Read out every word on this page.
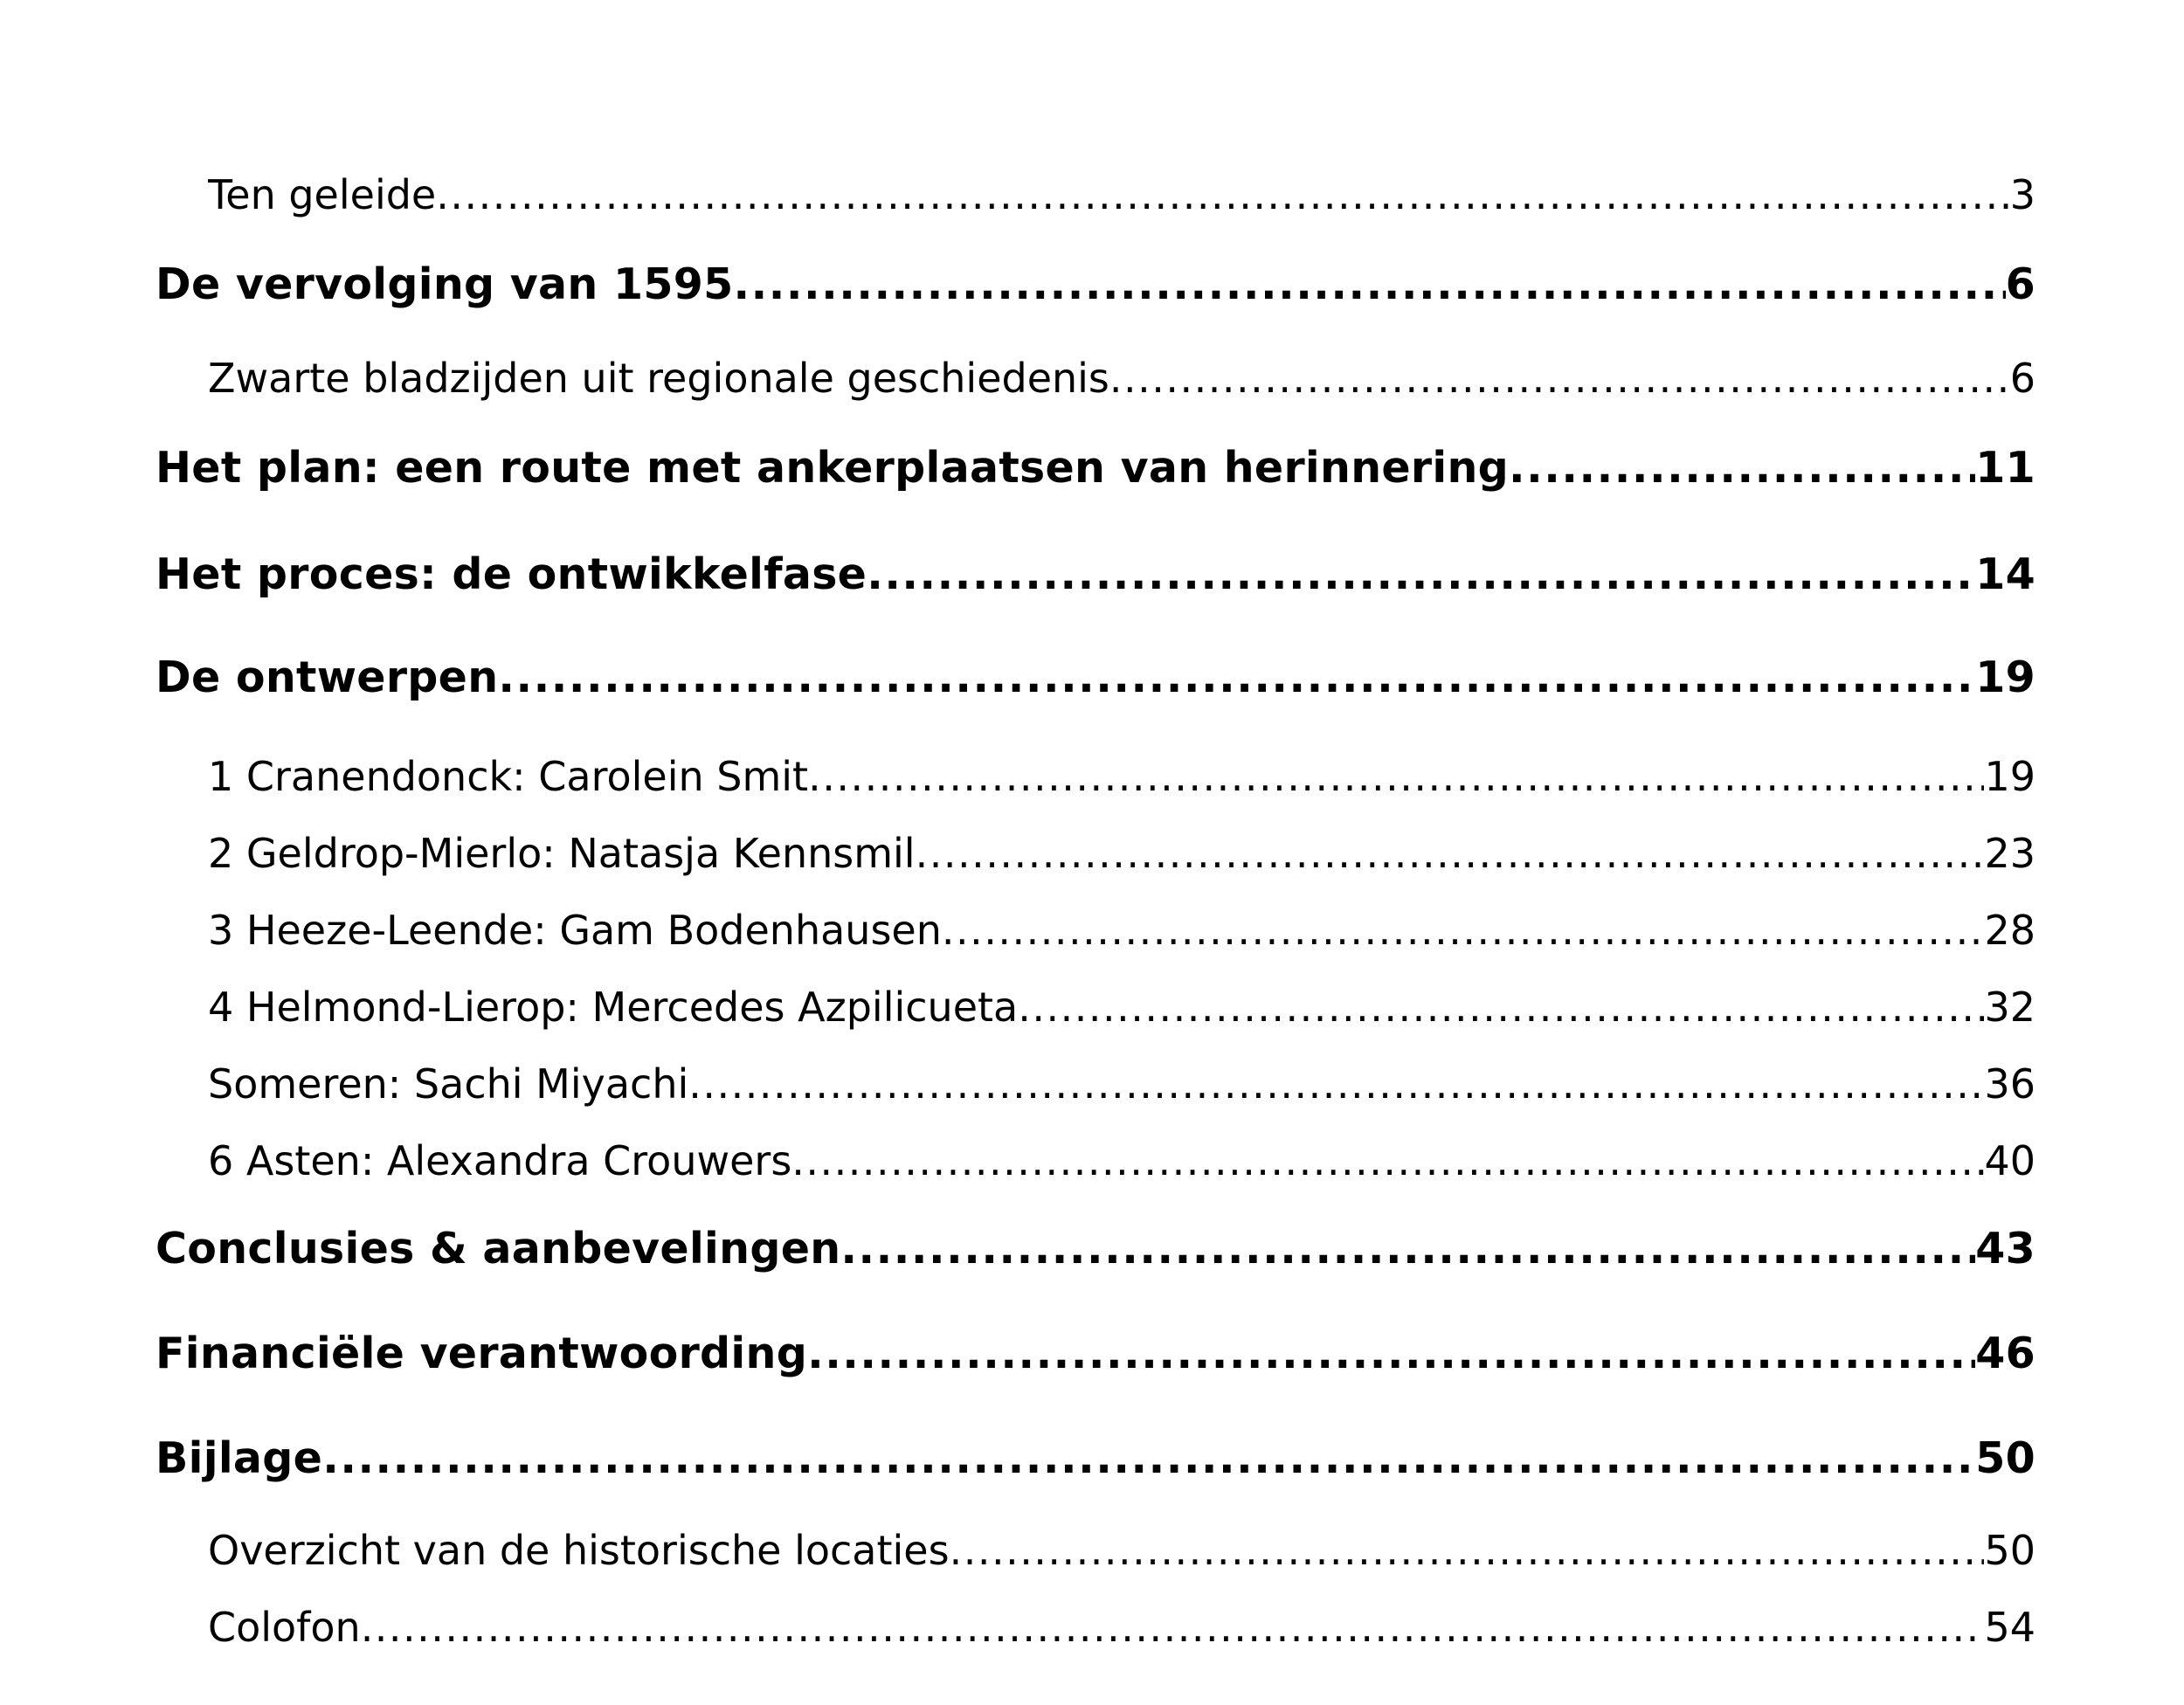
Ten geleide .....	3
De vervolging van 1595 .....	6
Zwarte bladzijden uit regionale geschiedenis .....	6
Het plan: een route met ankerplaatsen van herinnering .....	11
Het proces: de ontwikkelfase .....	14
De ontwerpen .....	19
1 Cranendonck: Carolein Smit .....	19
2 Geldrop-Mierlo: Natasja Kennsmil .....	23
3 Heeze-Leende: Gam Bodenhausen .....	28
4 Helmond-Lierop: Mercedes Azpilicueta .....	32
Someren: Sachi Miyachi .....	36
6 Asten: Alexandra Crouwers .....	40
Conclusies & aanbevelingen .....	43
Financiële verantwoording .....	46
Bijlage .....	50
Overzicht van de historische locaties .....	50
Colofon .....	54
